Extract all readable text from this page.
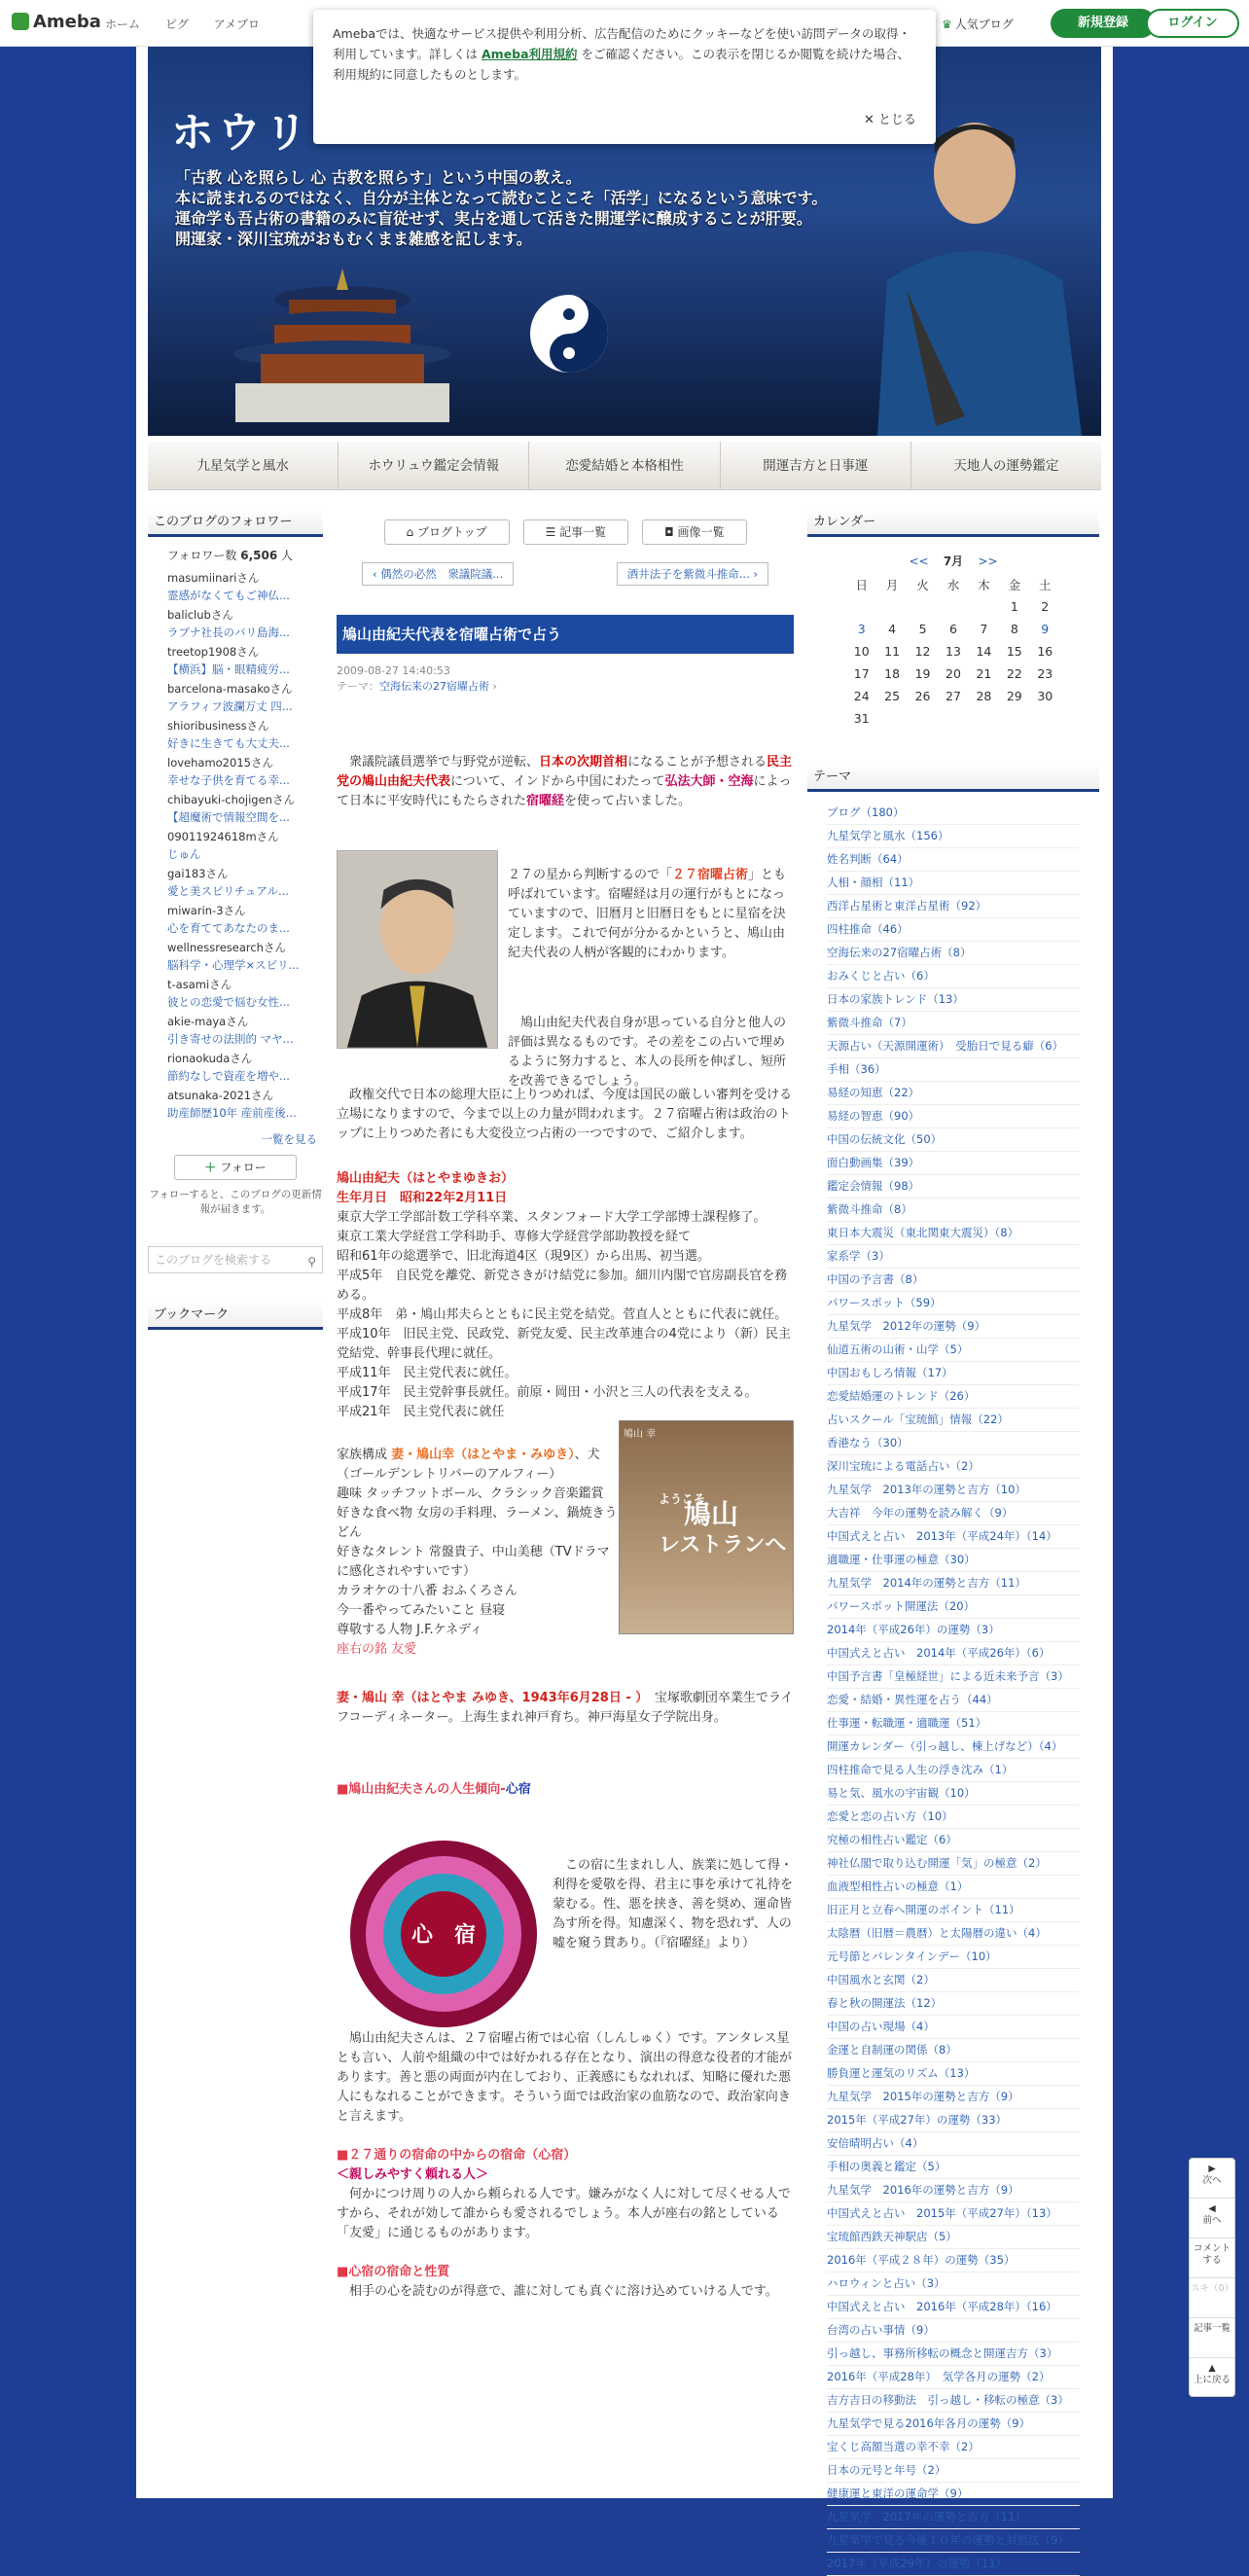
Ameba ホーム ピグ アメブロ	♛ 人気ブログ	新規登録	ログイン
Amebaでは、快適なサービス提供や利用分析、広告配信のためにクッキーなどを使い訪問データの取得・利用しています。詳しくは Ameba利用規約 をご確認ください。この表示を閉じるか閲覧を続けた場合、利用規約に同意したものとします。
✕ とじる
ホウリ
「古教 心を照らし 心 古教を照らす」という中国の教え。
本に読まれるのではなく、自分が主体となって読むことこそ「活学」になるという意味です。
運命学も吾占術の書籍のみに盲従せず、実占を通して活きた開運学に醸成することが肝要。
開運家・深川宝琉がおもむくまま雑感を記します。
九星気学と風水	ホウリュウ鑑定会情報	恋愛結婚と本格相性	開運吉方と日事運	天地人の運勢鑑定
このブログのフォロワー
フォロワー数 6,506 人
masumiinariさん
霊感がなくてもご神仏...
baliclubさん
ラブナ社長のバリ島海...
treetop1908さん
【横浜】脳・眼精疲労...
barcelona-masakoさん
アラフィフ波瀾万丈 四...
shioribusinessさん
好きに生きても大丈夫...
lovehamo2015さん
幸せな子供を育てる幸...
chibayuki-chojigenさん
【超魔術で情報空間を...
09011924618mさん
じゅん
gai183さん
愛と美スピリチュアル...
miwarin-3さん
心を育ててあなたのま...
wellnessresearchさん
脳科学・心理学×スピリ...
t-asamiさん
彼との恋愛で悩む女性...
akie-mayaさん
引き寄せの法則的 マヤ...
rionaokudaさん
節約なしで資産を増や...
atsunaka-2021さん
助産師歴10年 産前産後...
一覧を見る
＋ フォロー
フォローすると、このブログの更新情報が届きます。
このブログを検索する	⚲
ブックマーク
⌂ ブログトップ	☰ 記事一覧	◘ 画像一覧
‹ 偶然の必然　衆議院議...	酒井法子を紫微斗推命... ›
鳩山由紀夫代表を宿曜占術で占う
2009-08-27 14:40:53
テーマ：空海伝来の27宿曜占術 ›

衆議院議員選挙で与野党が逆転、日本の次期首相になることが予想される民主党の鳩山由紀夫代表について、インドから中国にわたって弘法大師・空海によって日本に平安時代にもたらされた宿曜経を使って占いました。

２７の星から判断するので「２７宿曜占術」とも呼ばれています。宿曜経は月の運行がもとになっていますので、旧暦月と旧暦日をもとに星宿を決定します。これで何が分かるかというと、鳩山由紀夫代表の人柄が客観的にわかります。
鳩山由紀夫代表自身が思っている自分と他人の評価は異なるものです。その差をこの占いで埋めるように努力すると、本人の長所を伸ばし、短所を改善できるでしょう。

政権交代で日本の総理大臣に上りつめれば、今度は国民の厳しい審判を受ける立場になりますので、今まで以上の力量が問われます。２７宿曜占術は政治のトップに上りつめた者にも大変役立つ占術の一つですので、ご紹介します。

鳩山由紀夫（はとやまゆきお）
生年月日　昭和22年2月11日
東京大学工学部計数工学科卒業、スタンフォード大学工学部博士課程修了。
東京工業大学経営工学科助手、専修大学経営学部助教授を経て
昭和61年の総選挙で、旧北海道4区（現9区）から出馬、初当選。
平成5年　自民党を離党、新党さきがけ結党に参加。細川内閣で官房副長官を務める。
平成8年　弟・鳩山邦夫らとともに民主党を結党。菅直人とともに代表に就任。
平成10年　旧民主党、民政党、新党友愛、民主改革連合の4党により（新）民主党結党、幹事長代理に就任。
平成11年　民主党代表に就任。
平成17年　民主党幹事長就任。前原・岡田・小沢と三人の代表を支える。
平成21年　民主党代表に就任
家族構成 妻・鳩山幸（はとやま・みゆき）、犬（ゴールデンレトリバーのアルフィー）
趣味 タッチフットボール、クラシック音楽鑑賞
好きな食べ物 女房の手料理、ラーメン、鍋焼きうどん
好きなタレント 常盤貴子、中山美穂（TVドラマに感化されやすいです）
カラオケの十八番 おふくろさん
今一番やってみたいこと 昼寝
尊敬する人物 J.F.ケネディ
座右の銘 友愛
鳩山 幸
ようこそ
鳩山
レストランへ
妻・鳩山 幸（はとやま みゆき、1943年6月28日 - ）　宝塚歌劇団卒業生でライフコーディネーター。上海生まれ神戸育ち。神戸海星女子学院出身。
■鳩山由紀夫さんの人生傾向-心宿
心　宿
この宿に生まれし人、族業に処して得・利得を愛敬を得、君主に事を承けて礼待を蒙むる。性、悪を挟き、善を奨め、運命皆為す所を得。知慮深く、物を恐れず、人の嘘を窺う貫あり。（『宿曜経』より）

鳩山由紀夫さんは、２７宿曜占術では心宿（しんしゅく）です。アンタレス星とも言い、人前や組織の中では好かれる存在となり、演出の得意な役者的才能があります。善と悪の両面が内在しており、正義感にもなれれば、知略に優れた悪人にもなれることができます。そういう面では政治家の血筋なので、政治家向きと言えます。

■２７通りの宿命の中からの宿命（心宿）
＜親しみやすく頼れる人＞

何かにつけ周りの人から頼られる人です。嫌みがなく人に対して尽くせる人ですから、それが効して誰からも愛されるでしょう。本人が座右の銘としている「友愛」に通じるものがあります。

■心宿の宿命と性質

相手の心を読むのが得意で、誰に対しても真ぐに溶け込めていける人です。

カレンダー
<< 7月 >>
日	月	火	水	木	金	土
					1	2
3	4	5	6	7	8	9
10	11	12	13	14	15	16
17	18	19	20	21	22	23
24	25	26	27	28	29	30
31						
テーマ
ブログ（180）
九星気学と風水（156）
姓名判断（64）
人相・顔相（11）
西洋占星術と東洋占星術（92）
四柱推命（46）
空海伝来の27宿曜占術（8）
おみくじと占い（6）
日本の家族トレンド（13）
紫微斗推命（7）
天源占い（天源開運術）　受胎日で見る癖（6）
手相（36）
易経の知恵（22）
易経の智恵（90）
中国の伝統文化（50）
面白動画集（39）
鑑定会情報（98）
紫微斗推命（8）
東日本大震災（東北関東大震災）（8）
家系学（3）
中国の予言書（8）
パワースポット（59）
九星気学　2012年の運勢（9）
仙道五術の山術・山学（5）
中国おもしろ情報（17）
恋愛結婚運のトレンド（26）
占いスクール「宝琉館」情報（22）
香港なう（30）
深川宝琉による電話占い（2）
九星気学　2013年の運勢と吉方（10）
大吉祥　今年の運勢を読み解く（9）
中国式えと占い　2013年（平成24年）（14）
適職運・仕事運の極意（30）
九星気学　2014年の運勢と吉方（11）
パワースポット開運法（20）
2014年（平成26年）の運勢（3）
中国式えと占い　2014年（平成26年）（6）
中国予言書「皇極経世」による近未来予言（3）
恋愛・結婚・異性運を占う（44）
仕事運・転職運・適職運（51）
開運カレンダー（引っ越し、棟上げなど）（4）
四柱推命で見る人生の浮き沈み（1）
易と気、風水の宇宙観（10）
恋愛と恋の占い方（10）
究極の相性占い鑑定（6）
神社仏閣で取り込む開運「気」の極意（2）
血液型相性占いの極意（1）
旧正月と立春へ開運のポイント（11）
太陰暦（旧暦＝農暦）と太陽暦の違い（4）
元号節とバレンタインデー（10）
中国風水と玄関（2）
春と秋の開運法（12）
中国の占い現場（4）
金運と自制運の関係（8）
勝負運と運気のリズム（13）
九星気学　2015年の運勢と吉方（9）
2015年（平成27年）の運勢（33）
安倍晴明占い（4）
手相の奥義と鑑定（5）
九星気学　2016年の運勢と吉方（9）
中国式えと占い　2015年（平成27年）（13）
宝琉館西鉄天神駅店（5）
2016年（平成２８年）の運勢（35）
ハロウィンと占い（3）
中国式えと占い　2016年（平成28年）（16）
台湾の占い事情（9）
引っ越し、事務所移転の概念と開運吉方（3）
2016年（平成28年）　気学各月の運勢（2）
吉方吉日の移動法　引っ越し・移転の極意（3）
九星気学で見る2016年各月の運勢（9）
宝くじ高額当選の幸不幸（2）
日本の元号と年号（2）
健康運と東洋の運命学（9）
九星気学　2017年の運勢と吉方（11）
九星気学で見る今後１０年の運勢と対処法（9）
2017年（平成29年）の運勢（11）
▶
次へ
◀
前へ
コメントする
スキ（0）
記事一覧
▲
上に戻る
